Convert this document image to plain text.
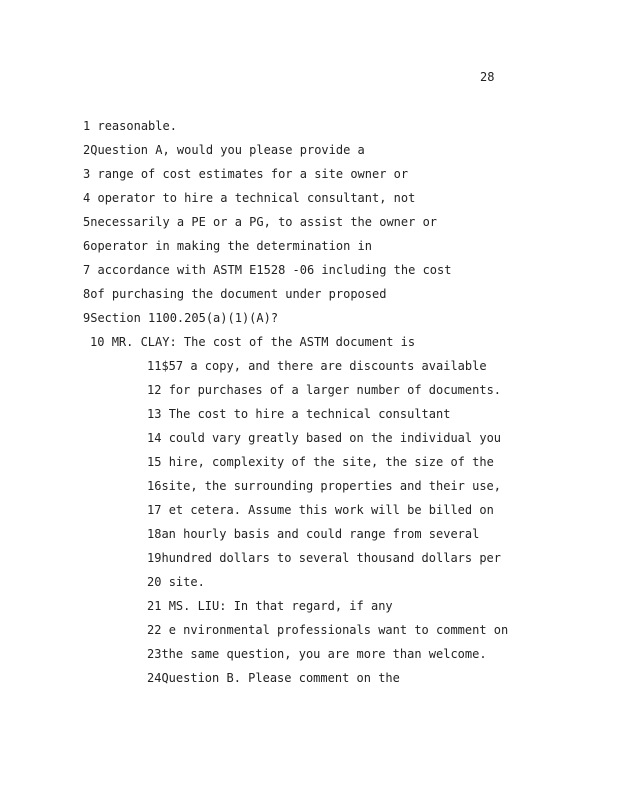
28
1 reasonable.
2Question A, would you please provide a
3 range of cost estimates for a site owner or
4 operator to hire a technical consultant, not
5necessarily a PE or a PG, to assist the owner or
6operator in making the determination in
7 accordance with ASTM E1528 -06 including the cost
8of purchasing the document under proposed
9Section 1100.205(a)(1)(A)?
10 MR. CLAY: The cost of the ASTM document is
11$57 a copy, and there are discounts available
12 for purchases of a larger number of documents.
13 The cost to hire a technical consultant
14 could vary greatly based on the individual you
15 hire, complexity of the site, the size of the
16site, the surrounding properties and their use,
17 et cetera. Assume this work will be billed on
18an hourly basis and could range from several
19hundred dollars to several thousand dollars per
20 site.
21 MS. LIU: In that regard, if any
22 e nvironmental professionals want to comment on
23the same question, you are more than welcome.
24Question B. Please comment on the
